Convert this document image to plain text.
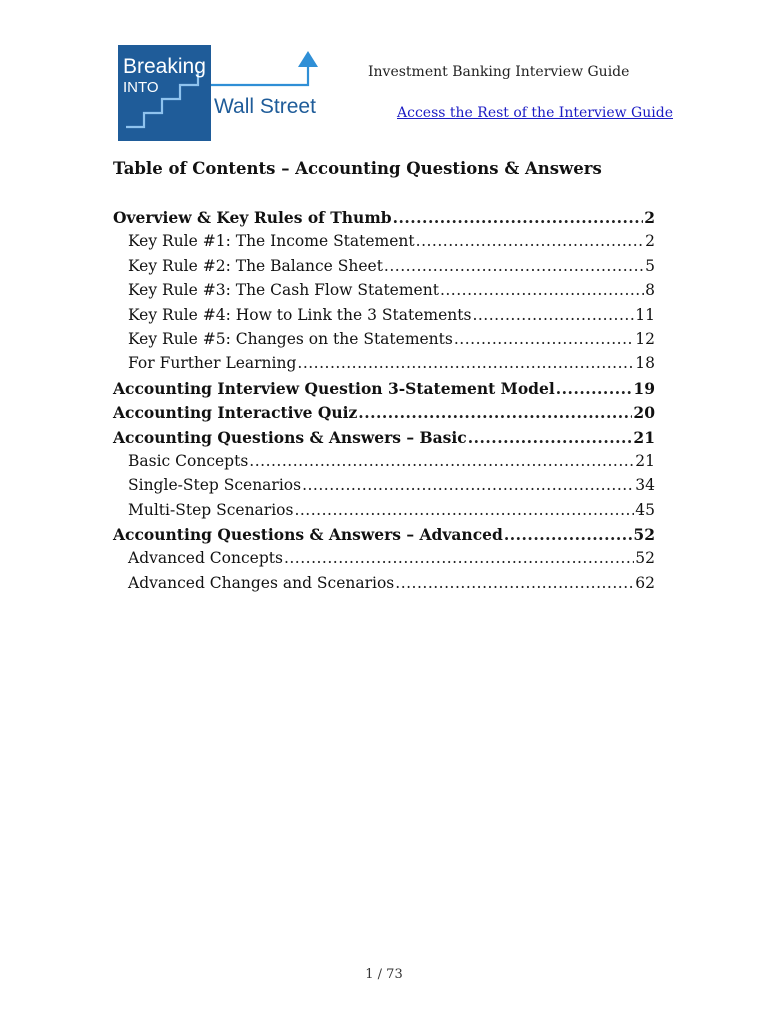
Breaking
INTO
Wall Street
Investment Banking Interview Guide
Access the Rest of the Interview Guide
Table of Contents – Accounting Questions & Answers
Overview & Key Rules of Thumb .....	2
Key Rule #1: The Income Statement .....	2
Key Rule #2: The Balance Sheet .....	5
Key Rule #3: The Cash Flow Statement .....	8
Key Rule #4: How to Link the 3 Statements .....	11
Key Rule #5: Changes on the Statements .....	12
For Further Learning .....	18
Accounting Interview Question 3-Statement Model .....	19
Accounting Interactive Quiz .....	20
Accounting Questions & Answers – Basic .....	21
Basic Concepts .....	21
Single-Step Scenarios .....	34
Multi-Step Scenarios .....	45
Accounting Questions & Answers – Advanced .....	52
Advanced Concepts .....	52
Advanced Changes and Scenarios .....	62
1 / 73
